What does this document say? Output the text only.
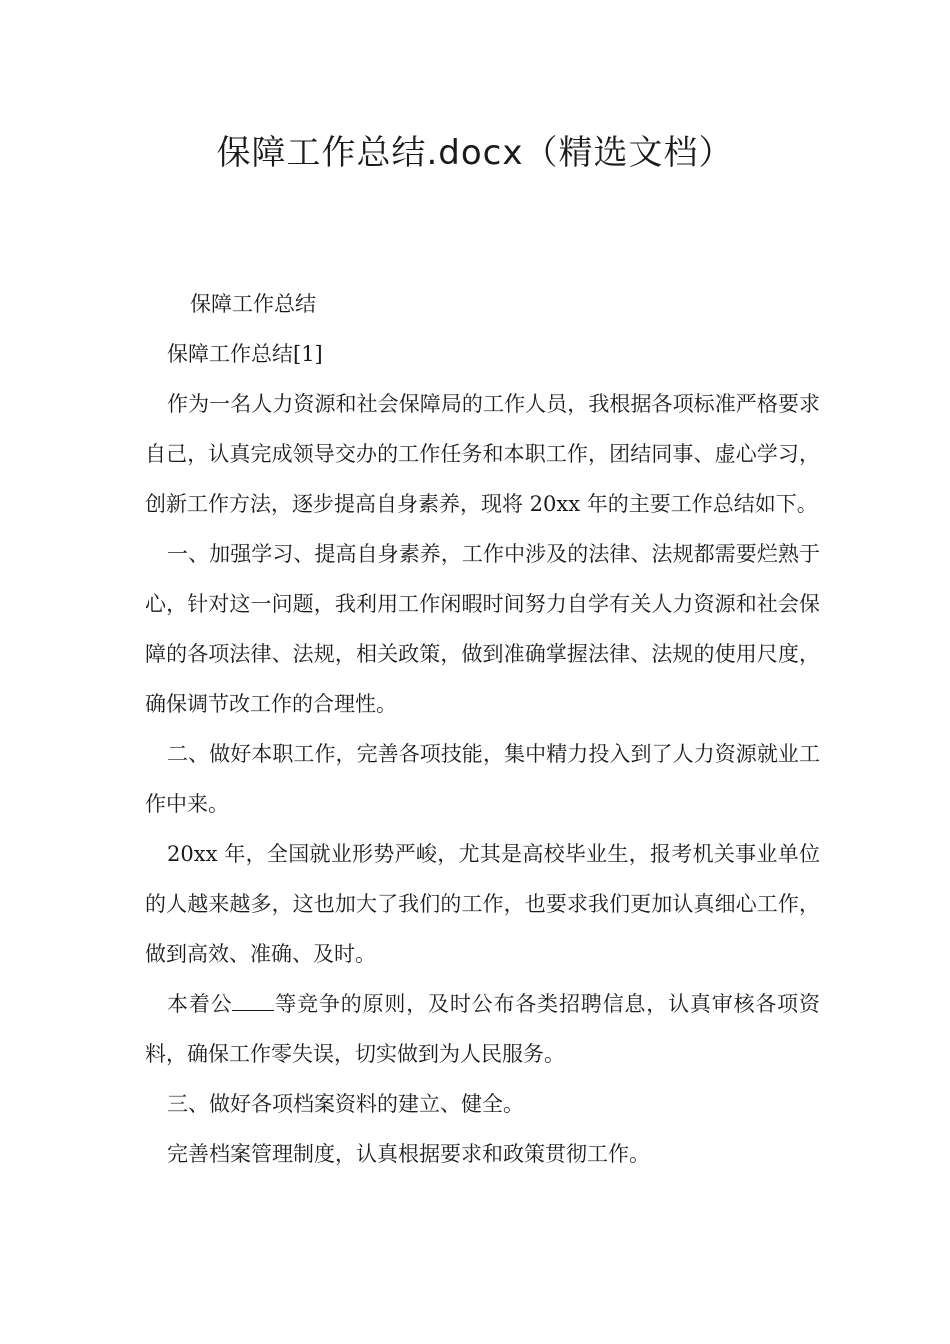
保障工作总结.docx（精选文档）

保障工作总结

保障工作总结[1]

作为一名人力资源和社会保障局的工作人员，我根据各项标准严格要求自己，认真完成领导交办的工作任务和本职工作，团结同事、虚心学习，创新工作方法，逐步提高自身素养，现将 20xx 年的主要工作总结如下。

一、加强学习、提高自身素养，工作中涉及的法律、法规都需要烂熟于心，针对这一问题，我利用工作闲暇时间努力自学有关人力资源和社会保障的各项法律、法规，相关政策，做到准确掌握法律、法规的使用尺度，确保调节改工作的合理性。

二、做好本职工作，完善各项技能，集中精力投入到了人力资源就业工作中来。

20xx 年，全国就业形势严峻，尤其是高校毕业生，报考机关事业单位的人越来越多，这也加大了我们的工作，也要求我们更加认真细心工作，做到高效、准确、及时。

本着公 等竞争的原则，及时公布各类招聘信息，认真审核各项资料，确保工作零失误，切实做到为人民服务。

三、做好各项档案资料的建立、健全。

完善档案管理制度，认真根据要求和政策贯彻工作。
